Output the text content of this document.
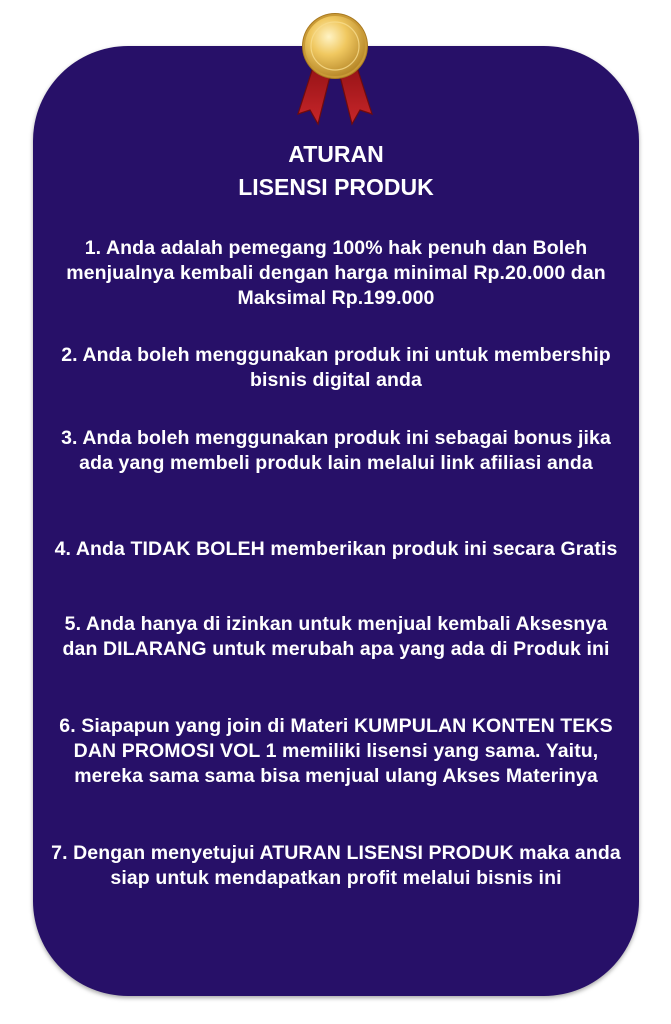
ATURAN
LISENSI PRODUK
1. Anda adalah pemegang 100% hak penuh dan Boleh menjualnya kembali dengan harga minimal Rp.20.000 dan Maksimal Rp.199.000
2. Anda boleh menggunakan produk ini untuk membership bisnis digital anda
3. Anda boleh menggunakan produk ini sebagai bonus jika ada yang membeli produk lain melalui link afiliasi anda
4. Anda TIDAK BOLEH memberikan produk ini secara Gratis
5. Anda hanya di izinkan untuk menjual kembali Aksesnya dan DILARANG untuk merubah apa yang ada di Produk ini
6. Siapapun yang join di Materi KUMPULAN KONTEN TEKS DAN PROMOSI VOL 1 memiliki lisensi yang sama. Yaitu, mereka sama sama bisa menjual ulang Akses Materinya
7. Dengan menyetujui ATURAN LISENSI PRODUK maka anda siap untuk mendapatkan profit melalui bisnis ini
